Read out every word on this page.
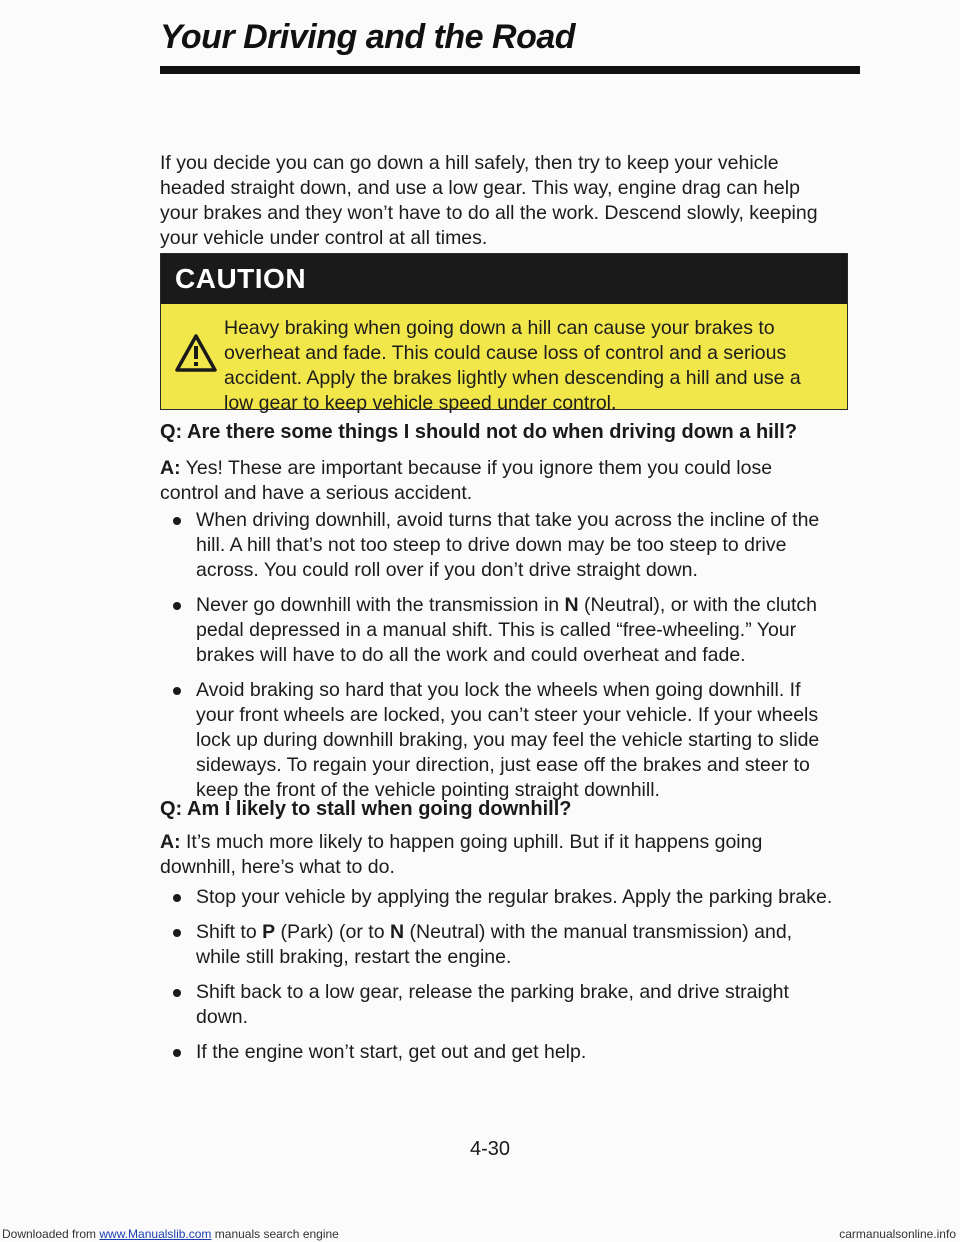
Your Driving and the Road
If you decide you can go down a hill safely, then try to keep your vehicle headed straight down, and use a low gear. This way, engine drag can help your brakes and they won’t have to do all the work. Descend slowly, keeping your vehicle under control at all times.
CAUTION
Heavy braking when going down a hill can cause your brakes to overheat and fade. This could cause loss of control and a serious accident. Apply the brakes lightly when descending a hill and use a low gear to keep vehicle speed under control.
Q: Are there some things I should not do when driving down a hill?
A: Yes! These are important because if you ignore them you could lose control and have a serious accident.
When driving downhill, avoid turns that take you across the incline of the hill. A hill that’s not too steep to drive down may be too steep to drive across. You could roll over if you don’t drive straight down.
Never go downhill with the transmission in N (Neutral), or with the clutch pedal depressed in a manual shift. This is called “free-wheeling.” Your brakes will have to do all the work and could overheat and fade.
Avoid braking so hard that you lock the wheels when going downhill. If your front wheels are locked, you can’t steer your vehicle. If your wheels lock up during downhill braking, you may feel the vehicle starting to slide sideways. To regain your direction, just ease off the brakes and steer to keep the front of the vehicle pointing straight downhill.
Q: Am I likely to stall when going downhill?
A: It’s much more likely to happen going uphill. But if it happens going downhill, here’s what to do.
Stop your vehicle by applying the regular brakes. Apply the parking brake.
Shift to P (Park) (or to N (Neutral) with the manual transmission) and, while still braking, restart the engine.
Shift back to a low gear, release the parking brake, and drive straight down.
If the engine won’t start, get out and get help.
4-30
Downloaded from www.Manualslib.com manuals search engine	carmanualsonline.info
